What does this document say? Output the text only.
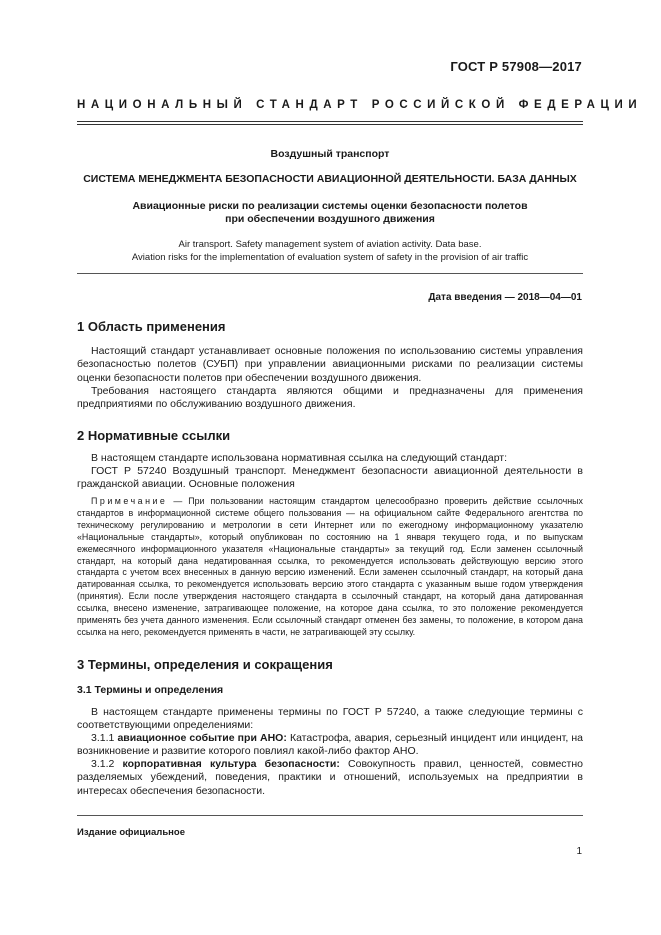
ГОСТ Р 57908—2017
НАЦИОНАЛЬНЫЙ СТАНДАРТ РОССИЙСКОЙ ФЕДЕРАЦИИ
Воздушный транспорт
СИСТЕМА МЕНЕДЖМЕНТА БЕЗОПАСНОСТИ АВИАЦИОННОЙ ДЕЯТЕЛЬНОСТИ. БАЗА ДАННЫХ
Авиационные риски по реализации системы оценки безопасности полетов
при обеспечении воздушного движения
Air transport. Safety management system of aviation activity. Data base.
Aviation risks for the implementation of evaluation system of safety in the provision of air traffic
Дата введения — 2018—04—01
1 Область применения
Настоящий стандарт устанавливает основные положения по использованию системы управления безопасностью полетов (СУБП) при управлении авиационными рисками по реализации системы оценки безопасности полетов при обеспечении воздушного движения.
Требования настоящего стандарта являются общими и предназначены для применения предприятиями по обслуживанию воздушного движения.
2 Нормативные ссылки
В настоящем стандарте использована нормативная ссылка на следующий стандарт:
ГОСТ Р 57240 Воздушный транспорт. Менеджмент безопасности авиационной деятельности в гражданской авиации. Основные положения
Примечание — При пользовании настоящим стандартом целесообразно проверить действие ссылочных стандартов в информационной системе общего пользования — на официальном сайте Федерального агентства по техническому регулированию и метрологии в сети Интернет или по ежегодному информационному указателю «Национальные стандарты», который опубликован по состоянию на 1 января текущего года, и по выпускам ежемесячного информационного указателя «Национальные стандарты» за текущий год. Если заменен ссылочный стандарт, на который дана недатированная ссылка, то рекомендуется использовать действующую версию этого стандарта с учетом всех внесенных в данную версию изменений. Если заменен ссылочный стандарт, на который дана датированная ссылка, то рекомендуется использовать версию этого стандарта с указанным выше годом утверждения (принятия). Если после утверждения настоящего стандарта в ссылочный стандарт, на который дана датированная ссылка, внесено изменение, затрагивающее положение, на которое дана ссылка, то это положение рекомендуется применять без учета данного изменения. Если ссылочный стандарт отменен без замены, то положение, в котором дана ссылка на него, рекомендуется применять в части, не затрагивающей эту ссылку.
3 Термины, определения и сокращения
3.1 Термины и определения
В настоящем стандарте применены термины по ГОСТ Р 57240, а также следующие термины с соответствующими определениями:
3.1.1 авиационное событие при АНО: Катастрофа, авария, серьезный инцидент или инцидент, на возникновение и развитие которого повлиял какой-либо фактор АНО.
3.1.2 корпоративная культура безопасности: Совокупность правил, ценностей, совместно разделяемых убеждений, поведения, практики и отношений, используемых на предприятии в интересах обеспечения безопасности.
Издание официальное
1
